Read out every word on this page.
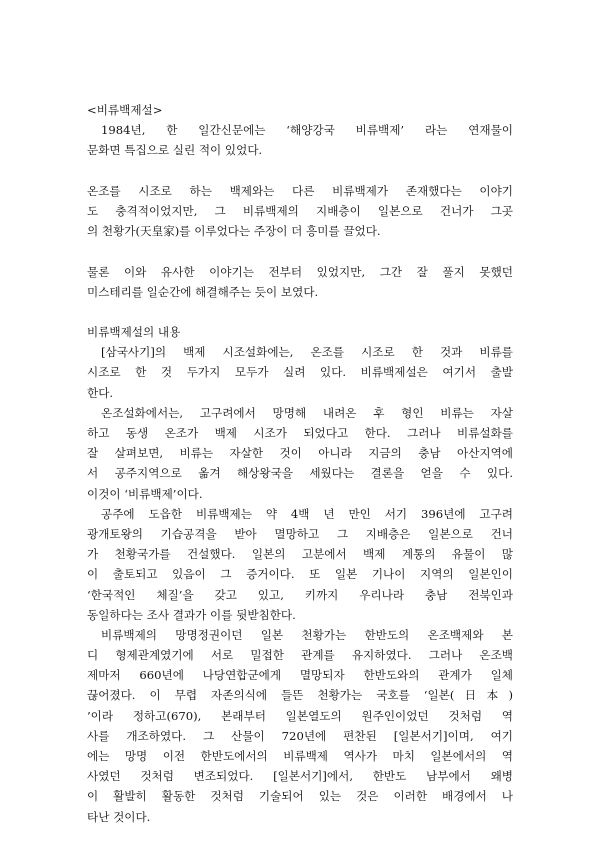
<비류백제설>
1984년, 한 일간신문에는 ‘해양강국 비류백제’ 라는 연재물이
문화면 특집으로 실린 적이 있었다.
온조를 시조로 하는 백제와는 다른 비류백제가 존재했다는 이야기
도 충격적이었지만, 그 비류백제의 지배층이 일본으로 건너가 그곳
의 천황가(天皇家)를 이루었다는 주장이 더 흥미를 끌었다.
물론 이와 유사한 이야기는 전부터 있었지만, 그간 잘 풀지 못했던
미스테리를 일순간에 해결해주는 듯이 보였다.
비류백제설의 내용
[삼국사기]의 백제 시조설화에는, 온조를 시조로 한 것과 비류를
시조로 한 것 두가지 모두가 실려 있다. 비류백제설은 여기서 출발
한다.
온조설화에서는, 고구려에서 망명해 내려온 후 형인 비류는 자살
하고 동생 온조가 백제 시조가 되었다고 한다. 그러나 비류설화를
잘 살펴보면, 비류는 자살한 것이 아니라 지금의 충남 아산지역에
서 공주지역으로 옮겨 해상왕국을 세웠다는 결론을 얻을 수 있다.
이것이 ‘비류백제’이다.
공주에 도읍한 비류백제는 약 4백 년 만인 서기 396년에 고구려
광개토왕의 기습공격을 받아 멸망하고 그 지배층은 일본으로 건너
가 천황국가를 건설했다. 일본의 고분에서 백제 계통의 유물이 많
이 출토되고 있음이 그 증거이다. 또 일본 기나이 지역의 일본인이
‘한국적인 체질’을 갖고 있고, 키까지 우리나라 충남 전북인과
동일하다는 조사 결과가 이를 뒷받침한다.
비류백제의 망명정권이던 일본 천황가는 한반도의 온조백제와 본
디 형제관계였기에 서로 밀접한 관계를 유지하였다. 그러나 온조백
제마저 660년에 나당연합군에게 멸망되자 한반도와의 관계가 일체
끊어졌다. 이 무렵 자존의식에 들뜬 천황가는 국호를 ‘일본(日本)
’이라 정하고(670), 본래부터 일본열도의 원주인이었던 것처럼 역
사를 개조하였다. 그 산물이 720년에 편찬된 [일본서기]이며, 여기
에는 망명 이전 한반도에서의 비류백제 역사가 마치 일본에서의 역
사였던 것처럼 변조되었다. [일본서기]에서, 한반도 남부에서 왜병
이 활발히 활동한 것처럼 기술되어 있는 것은 이러한 배경에서 나
타난 것이다.
